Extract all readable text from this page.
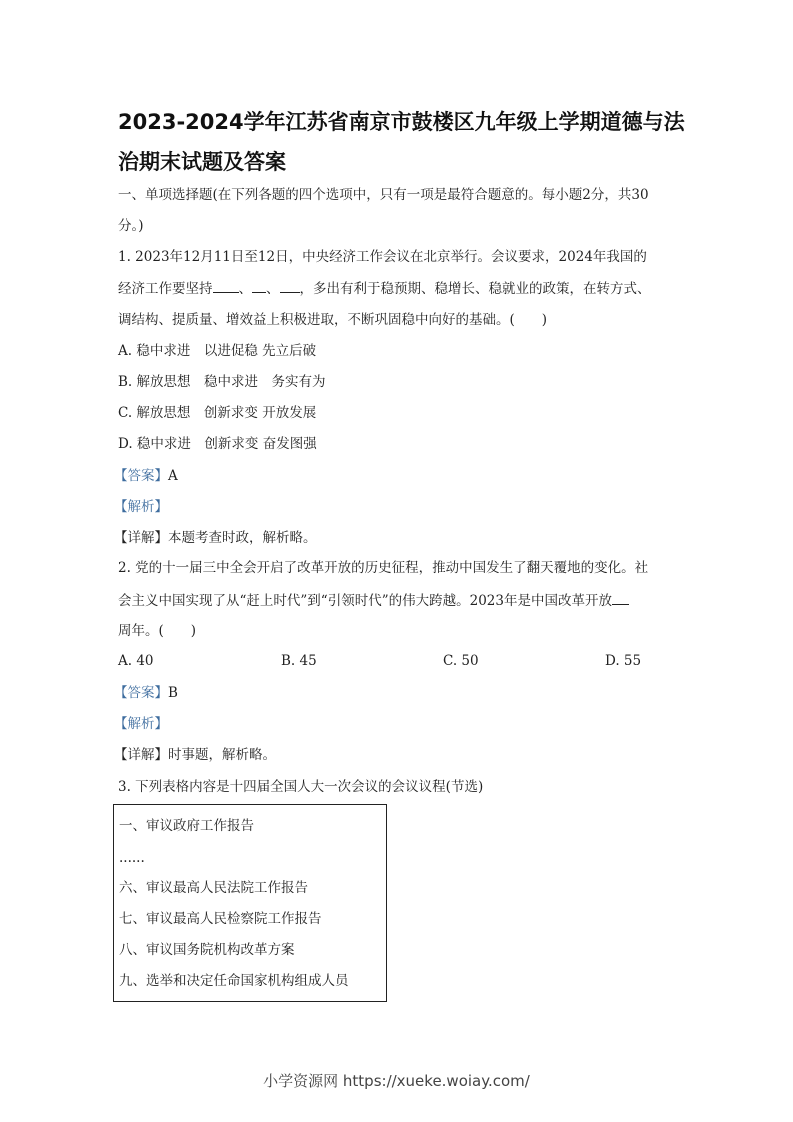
2023-2024学年江苏省南京市鼓楼区九年级上学期道德与法
治期末试题及答案
一、单项选择题(在下列各题的四个选项中，只有一项是最符合题意的。每小题2分，共30
分。)
1. 2023年12月11日至12日，中央经济工作会议在北京举行。会议要求，2024年我国的
经济工作要坚持 、 、 ，多出有利于稳预期、稳增长、稳就业的政策，在转方式、
调结构、提质量、增效益上积极进取，不断巩固稳中向好的基础。(　　)
A. 稳中求进　以进促稳 先立后破
B. 解放思想　稳中求进　务实有为
C. 解放思想　创新求变 开放发展
D. 稳中求进　创新求变 奋发图强
【答案】A
【解析】
【详解】本题考查时政，解析略。
2. 党的十一届三中全会开启了改革开放的历史征程，推动中国发生了翻天覆地的变化。社
会主义中国实现了从“赶上时代”到“引领时代”的伟大跨越。2023年是中国改革开放
周年。(　　)
A. 40	B. 45	C. 50	D. 55
【答案】B
【解析】
【详解】时事题，解析略。
3. 下列表格内容是十四届全国人大一次会议的会议议程(节选)
一、审议政府工作报告
......
六、审议最高人民法院工作报告
七、审议最高人民检察院工作报告
八、审议国务院机构改革方案
九、选举和决定任命国家机构组成人员
小学资源网 https://xueke.woiay.com/
